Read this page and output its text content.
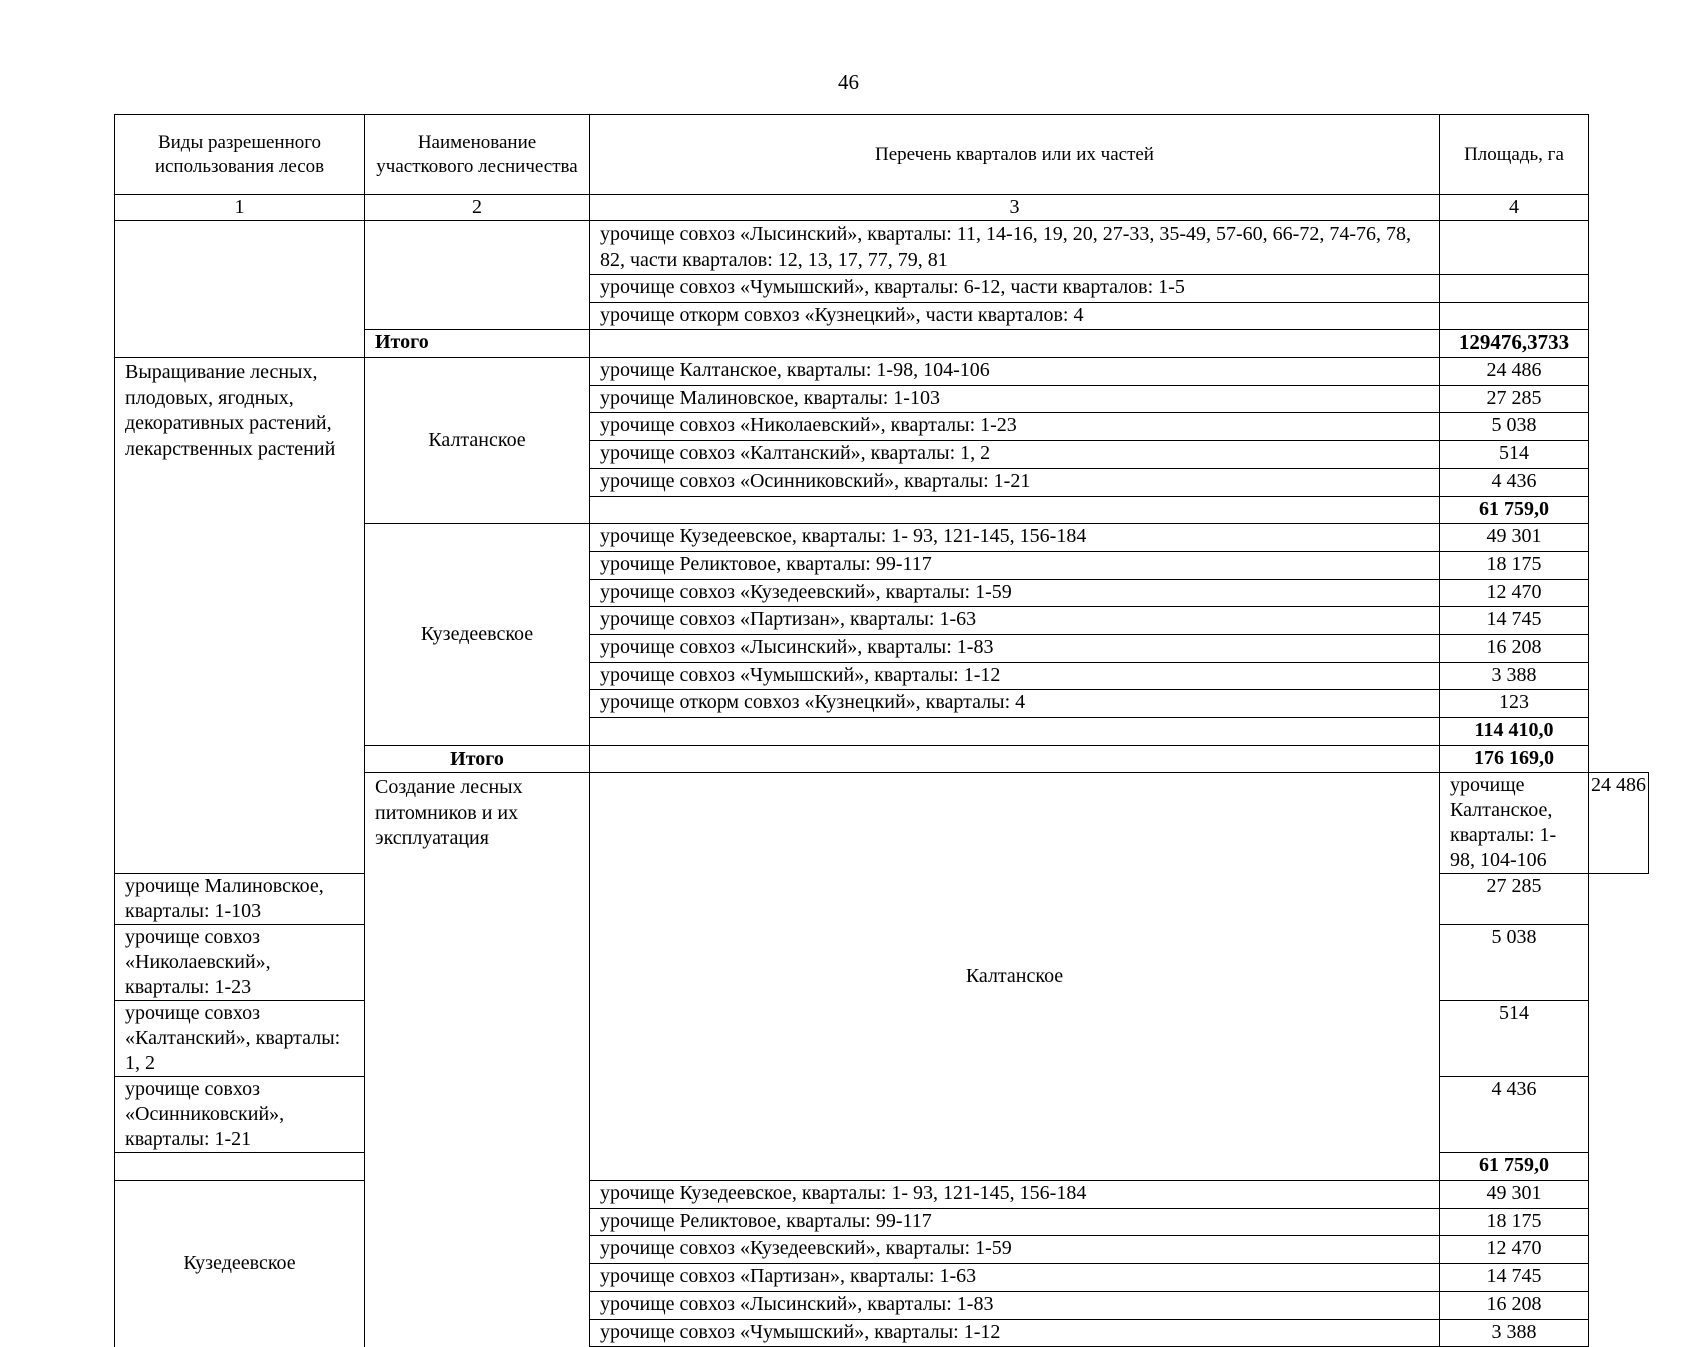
46
Виды разрешенного использования лесов	Наименование участкового лесничества	Перечень кварталов или их частей	Площадь, га	
1	2	3	4	
		урочище совхоз «Лысинский», кварталы: 11, 14-16, 19, 20, 27-33, 35-49, 57-60, 66-72, 74-76, 78, 82, части кварталов: 12, 13, 17, 77, 79, 81		
		урочище совхоз «Чумышский», кварталы: 6-12, части кварталов: 1-5		
		урочище откорм совхоз «Кузнецкий», части кварталов: 4		
	Итого		129476,3733	
Выращивание лесных, плодовых, ягодных, декоративных растений, лекарственных растений	Калтанское	урочище Калтанское, кварталы: 1-98, 104-106	24 486	
		урочище Малиновское, кварталы: 1-103	27 285	
		урочище совхоз «Николаевский», кварталы: 1-23	5 038	
		урочище совхоз «Калтанский», кварталы: 1, 2	514	
		урочище совхоз «Осинниковский», кварталы: 1-21	4 436	
			61 759,0	
	Кузедеевское	урочище Кузедеевское, кварталы: 1- 93, 121-145, 156-184	49 301	
		урочище Реликтовое, кварталы: 99-117	18 175	
		урочище совхоз «Кузедеевский», кварталы: 1-59	12 470	
		урочище совхоз «Партизан», кварталы: 1-63	14 745	
		урочище совхоз «Лысинский», кварталы: 1-83	16 208	
		урочище совхоз «Чумышский», кварталы: 1-12	3 388	
		урочище откорм совхоз «Кузнецкий», кварталы: 4	123	
			114 410,0	
	Итого		176 169,0	
	Создание лесных питомников и их эксплуатация	Калтанское	урочище Калтанское, кварталы: 1-98, 104-106	24 486
урочище Малиновское, кварталы: 1-103			27 285	
урочище совхоз «Николаевский», кварталы: 1-23			5 038	
урочище совхоз «Калтанский», кварталы: 1, 2			514	
урочище совхоз «Осинниковский», кварталы: 1-21			4 436	
			61 759,0	
Кузедеевское		урочище Кузедеевское, кварталы: 1- 93, 121-145, 156-184	49 301	
		урочище Реликтовое, кварталы: 99-117	18 175	
		урочище совхоз «Кузедеевский», кварталы: 1-59	12 470	
		урочище совхоз «Партизан», кварталы: 1-63	14 745	
		урочище совхоз «Лысинский», кварталы: 1-83	16 208	
		урочище совхоз «Чумышский», кварталы: 1-12	3 388	
